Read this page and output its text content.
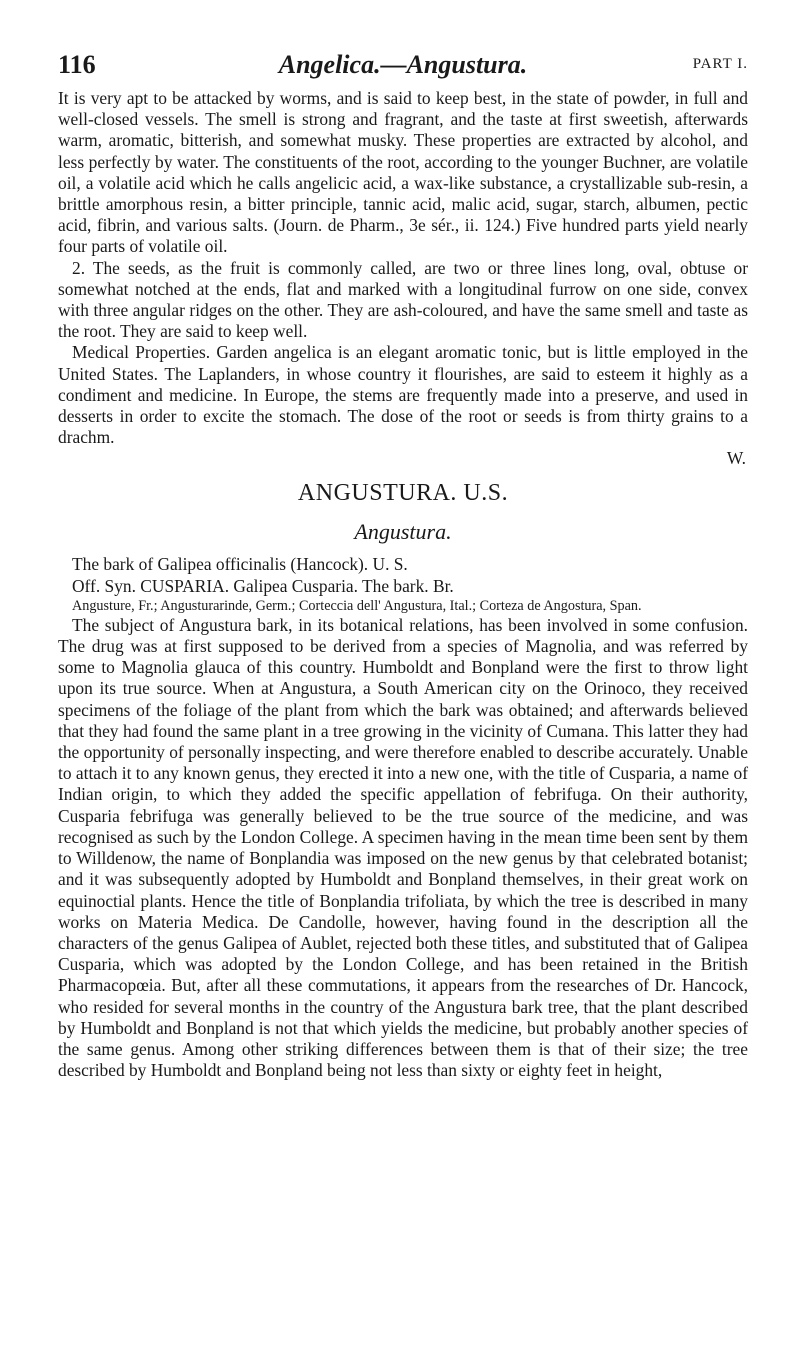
116	Angelica.—Angustura.	PART I.

It is very apt to be attacked by worms, and is said to keep best, in the state of powder, in full and well-closed vessels. The smell is strong and fragrant, and the taste at first sweetish, afterwards warm, aromatic, bitterish, and somewhat musky. These properties are extracted by alcohol, and less perfectly by water. The constituents of the root, according to the younger Buchner, are volatile oil, a volatile acid which he calls angelicic acid, a wax-like substance, a crystallizable sub-resin, a brittle amorphous resin, a bitter principle, tannic acid, malic acid, sugar, starch, albumen, pectic acid, fibrin, and various salts. (Journ. de Pharm., 3e sér., ii. 124.) Five hundred parts yield nearly four parts of volatile oil.

2. The seeds, as the fruit is commonly called, are two or three lines long, oval, obtuse or somewhat notched at the ends, flat and marked with a longitudinal furrow on one side, convex with three angular ridges on the other. They are ash-coloured, and have the same smell and taste as the root. They are said to keep well.

Medical Properties. Garden angelica is an elegant aromatic tonic, but is little employed in the United States. The Laplanders, in whose country it flourishes, are said to esteem it highly as a condiment and medicine. In Europe, the stems are frequently made into a preserve, and used in desserts in order to excite the stomach. The dose of the root or seeds is from thirty grains to a drachm.

W.
ANGUSTURA. U.S.
Angustura.

The bark of Galipea officinalis (Hancock). U. S.

Off. Syn. CUSPARIA. Galipea Cusparia. The bark. Br.

Angusture, Fr.; Angusturarinde, Germ.; Corteccia dell' Angustura, Ital.; Corteza de Angostura, Span.

The subject of Angustura bark, in its botanical relations, has been involved in some confusion. The drug was at first supposed to be derived from a species of Magnolia, and was referred by some to Magnolia glauca of this country. Humboldt and Bonpland were the first to throw light upon its true source. When at Angustura, a South American city on the Orinoco, they received specimens of the foliage of the plant from which the bark was obtained; and afterwards believed that they had found the same plant in a tree growing in the vicinity of Cumana. This latter they had the opportunity of personally inspecting, and were therefore enabled to describe accurately. Unable to attach it to any known genus, they erected it into a new one, with the title of Cusparia, a name of Indian origin, to which they added the specific appellation of febrifuga. On their authority, Cusparia febrifuga was generally believed to be the true source of the medicine, and was recognised as such by the London College. A specimen having in the mean time been sent by them to Willdenow, the name of Bonplandia was imposed on the new genus by that celebrated botanist; and it was subsequently adopted by Humboldt and Bonpland themselves, in their great work on equinoctial plants. Hence the title of Bonplandia trifoliata, by which the tree is described in many works on Materia Medica. De Candolle, however, having found in the description all the characters of the genus Galipea of Aublet, rejected both these titles, and substituted that of Galipea Cusparia, which was adopted by the London College, and has been retained in the British Pharmacopœia. But, after all these commutations, it appears from the researches of Dr. Hancock, who resided for several months in the country of the Angustura bark tree, that the plant described by Humboldt and Bonpland is not that which yields the medicine, but probably another species of the same genus. Among other striking differences between them is that of their size; the tree described by Humboldt and Bonpland being not less than sixty or eighty feet in height,
